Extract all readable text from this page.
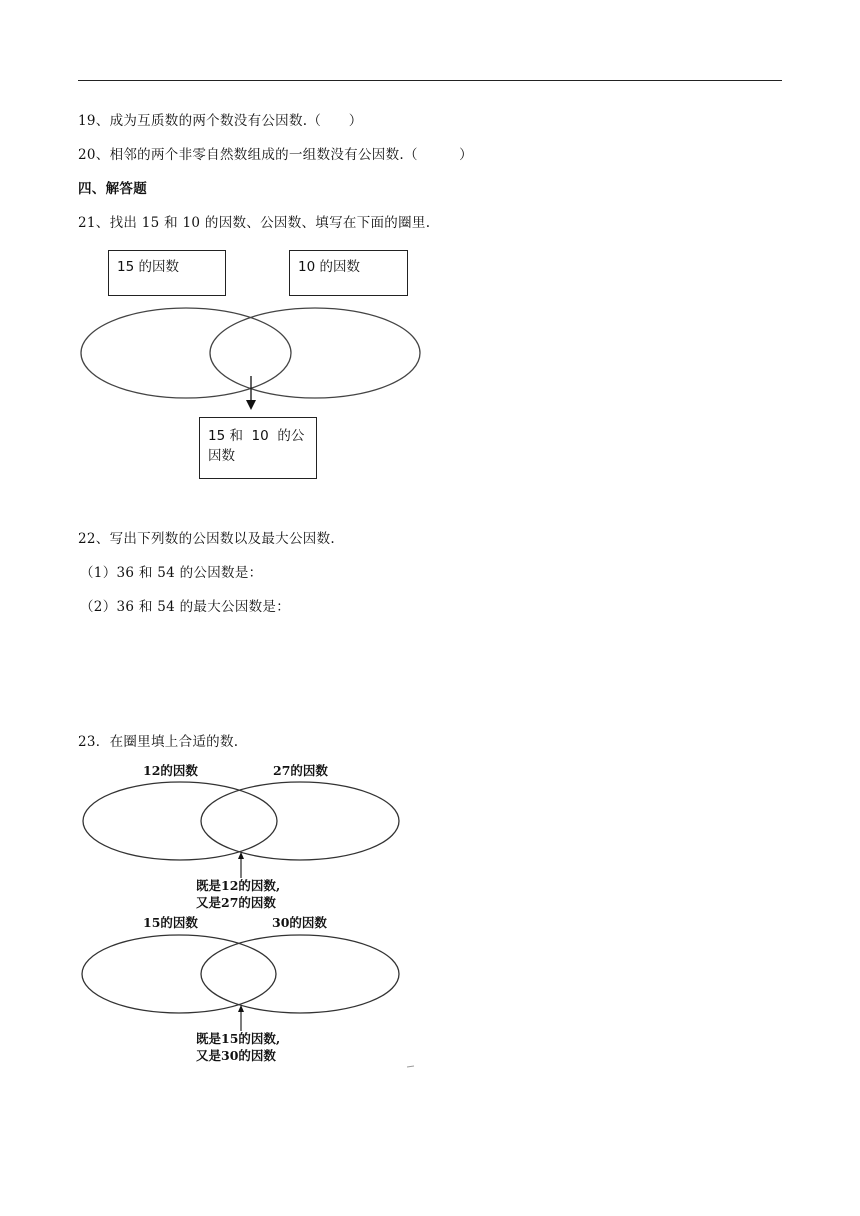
19、成为互质数的两个数没有公因数.（　　）
20、相邻的两个非零自然数组成的一组数没有公因数.（　　　）
四、解答题
21、找出 15 和 10 的因数、公因数、填写在下面的圈里.
15 的因数	10 的因数
15 和  10  的公
因数
22、写出下列数的公因数以及最大公因数.
（1）36 和 54 的公因数是：
（2）36 和 54 的最大公因数是：
23．在圈里填上合适的数.
12的因数	27的因数
既是12的因数,
又是27的因数
15的因数	30的因数
既是15的因数,
又是30的因数
